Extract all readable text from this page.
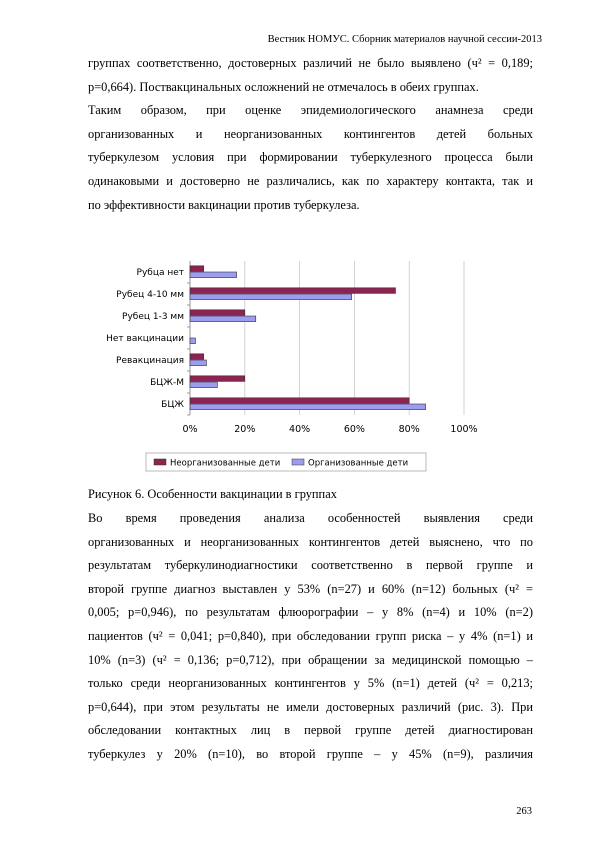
Вестник НОМУС. Сборник материалов научной сессии-2013
группах соответственно, достоверных различий не было выявлено (ч² = 0,189;
p=0,664). Поствакцинальных осложнений не отмечалось в обеих группах.
Таким образом, при оценке эпидемиологического анамнеза среди
организованных и неорганизованных контингентов детей больных
туберкулезом условия при формировании туберкулезного процесса были
одинаковыми и достоверно не различались, как по характеру контакта, так и
по эффективности вакцинации против туберкулеза.
0%	20%	40%	60%	80%	100%
Рубца нет
Рубец 4-10 мм
Рубец 1-3 мм
Нет вакцинации
Ревакцинация
БЦЖ-М
БЦЖ
Неорганизованные дети	Организованные дети
Рисунок 6. Особенности вакцинации в группах
Во время проведения анализа особенностей выявления среди
организованных и неорганизованных контингентов детей выяснено, что по
результатам туберкулинодиагностики соответственно в первой группе и
второй группе диагноз выставлен у 53% (n=27) и 60% (n=12) больных (ч² =
0,005; p=0,946), по результатам флюорографии – у 8% (n=4) и 10% (n=2)
пациентов (ч² = 0,041; p=0,840), при обследовании групп риска – у 4% (n=1) и
10% (n=3) (ч² = 0,136; p=0,712), при обращении за медицинской помощью –
только среди неорганизованных контингентов у 5% (n=1) детей (ч² = 0,213;
p=0,644), при этом результаты не имели достоверных различий (рис. 3). При
обследовании контактных лиц в первой группе детей диагностирован
туберкулез у 20% (n=10), во второй группе – у 45% (n=9), различия
263
